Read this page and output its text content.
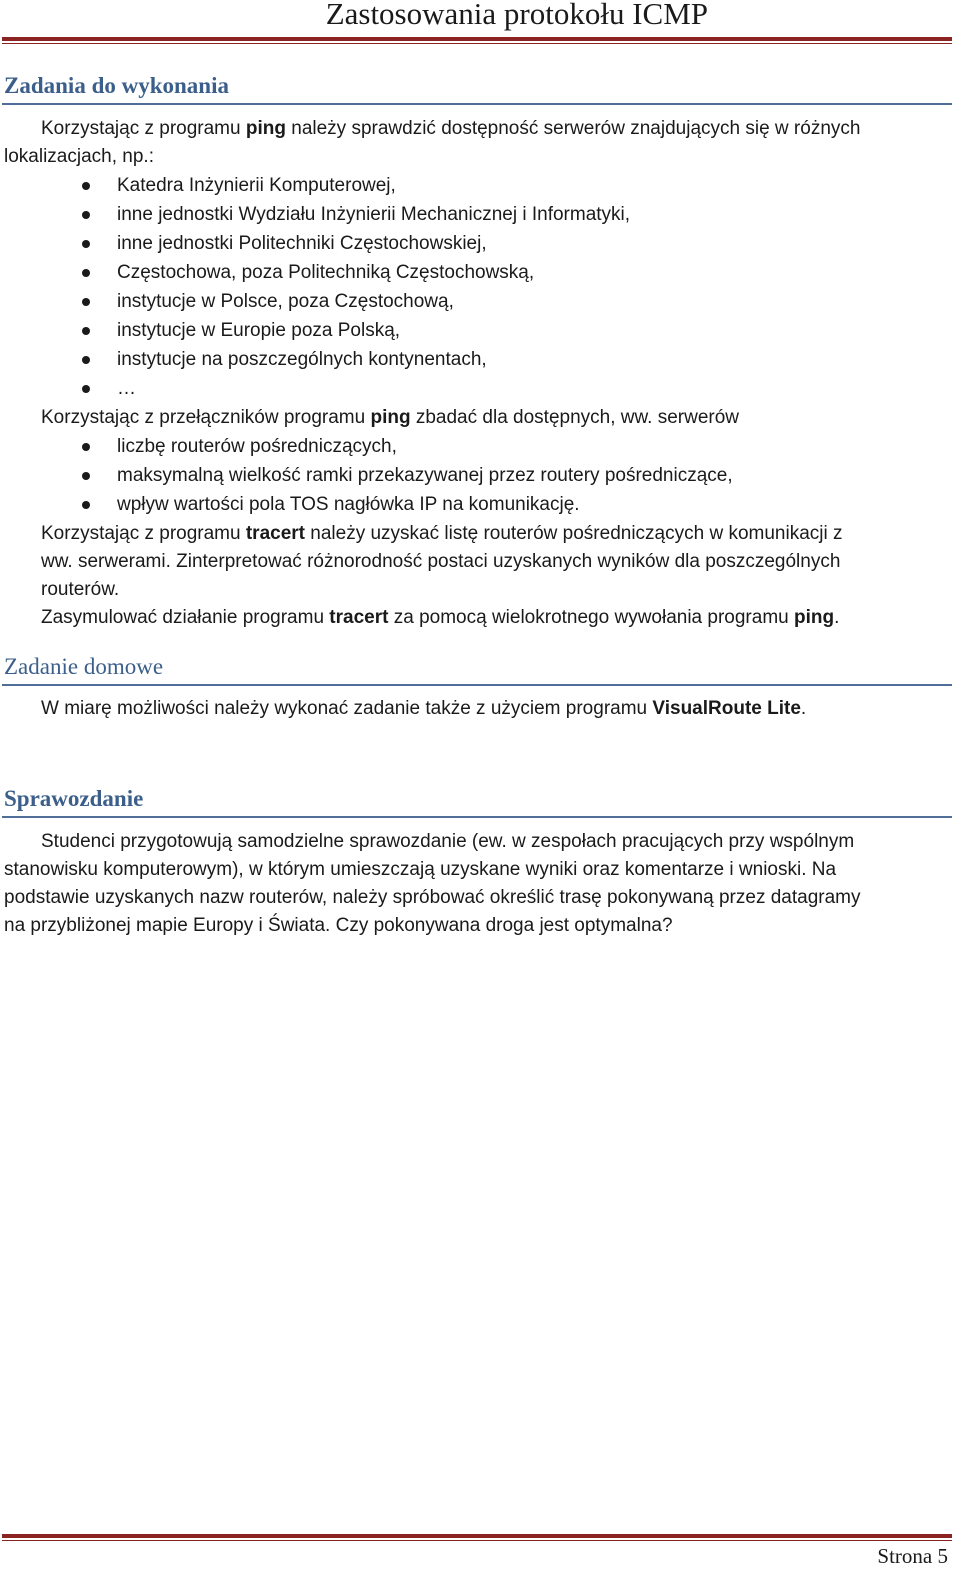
Zastosowania protokołu ICMP
Zadania do wykonania

Korzystając z programu ping należy sprawdzić dostępność serwerów znajdujących się w różnych lokalizacjach, np.:

Katedra Inżynierii Komputerowej,
inne jednostki Wydziału Inżynierii Mechanicznej i Informatyki,
inne jednostki Politechniki Częstochowskiej,
Częstochowa, poza Politechniką Częstochowską,
instytucje w Polsce, poza Częstochową,
instytucje w Europie poza Polską,
instytucje na poszczególnych kontynentach,
…

Korzystając z przełączników programu ping zbadać dla dostępnych, ww. serwerów

liczbę routerów pośredniczących,
maksymalną wielkość ramki przekazywanej przez routery pośredniczące,
wpływ wartości pola TOS nagłówka IP na komunikację.

Korzystając z programu tracert należy uzyskać listę routerów pośredniczących w komunikacji z

ww. serwerami. Zinterpretować różnorodność postaci uzyskanych wyników dla poszczególnych

routerów.

Zasymulować działanie programu tracert za pomocą wielokrotnego wywołania programu ping.

Zadanie domowe

W miarę możliwości należy wykonać zadanie także z użyciem programu VisualRoute Lite.

Sprawozdanie

Studenci przygotowują samodzielne sprawozdanie (ew. w zespołach pracujących przy wspólnym

stanowisku komputerowym), w którym umieszczają uzyskane wyniki oraz komentarze i wnioski. Na

podstawie uzyskanych nazw routerów, należy spróbować określić trasę pokonywaną przez datagramy

na przybliżonej mapie Europy i Świata. Czy pokonywana droga jest optymalna?

Strona 5
